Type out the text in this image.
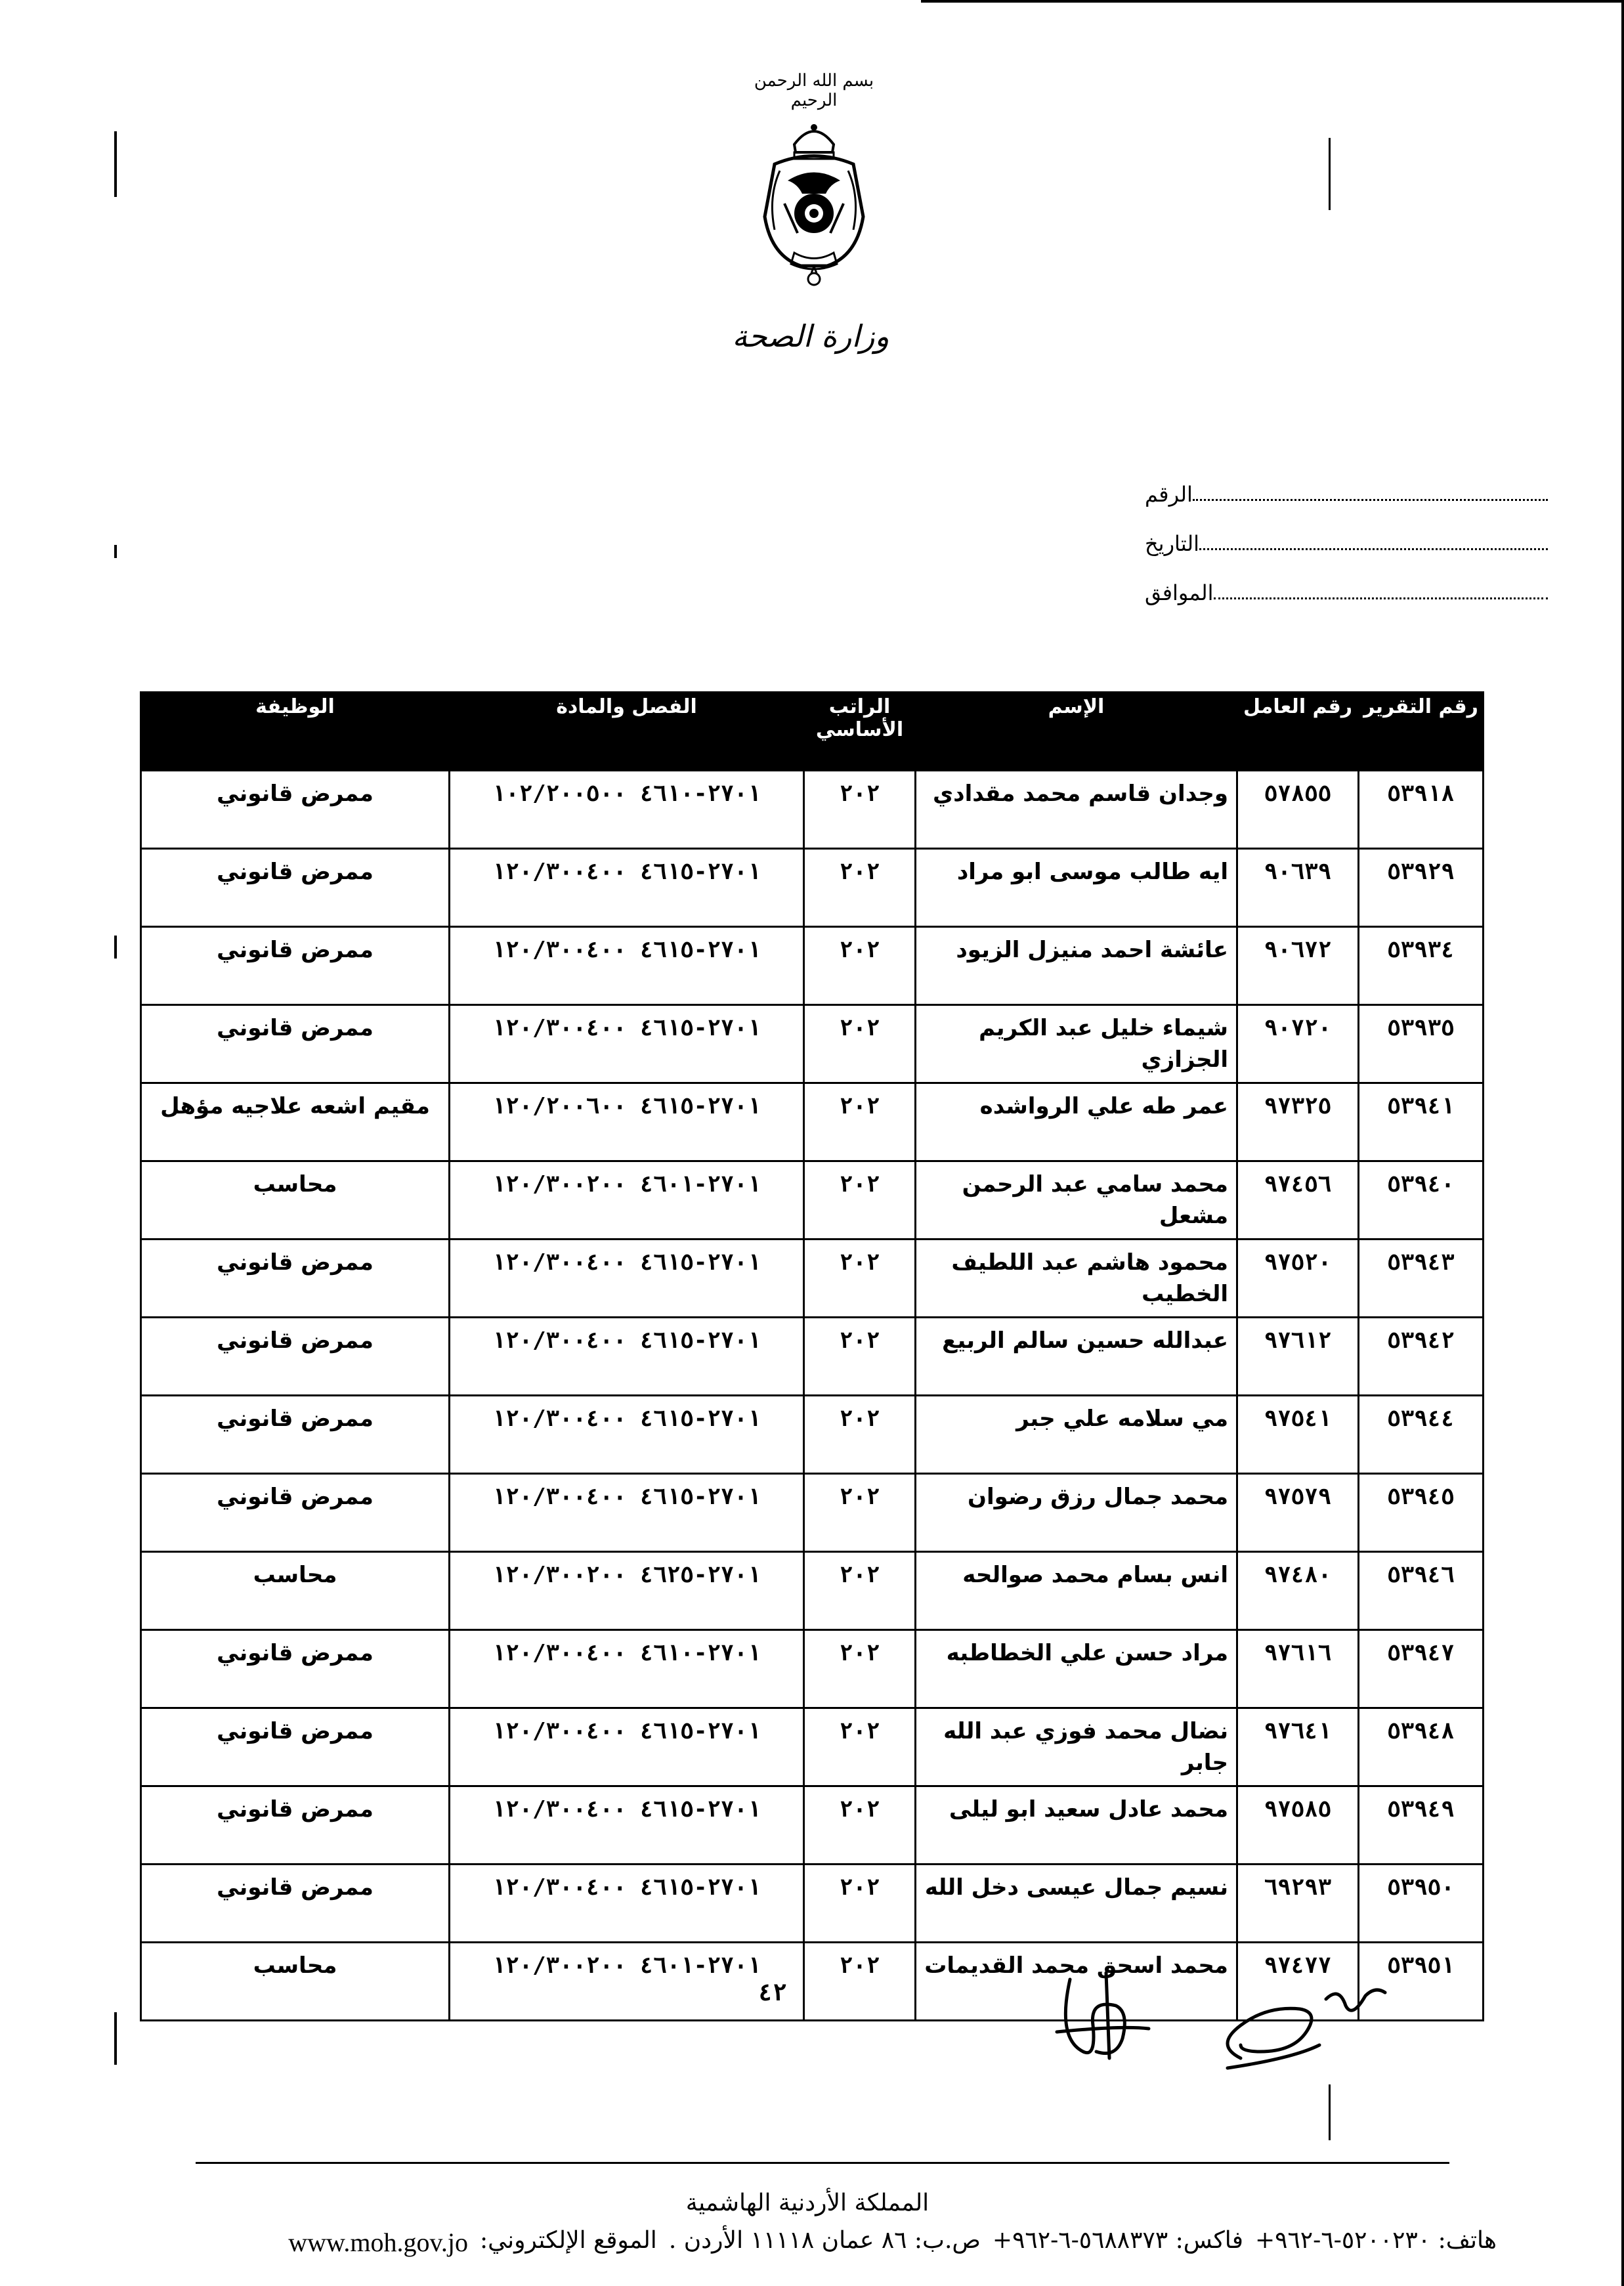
بسم الله الرحمن الرحيم
وزارة الصحة
الرقم
التاريخ
الموافق
رقم التقرير	رقم العامل	الإسم	الراتب الأساسي	الفصل والمادة	الوظيفة
٥٣٩١٨	٥٧٨٥٥	وجدان قاسم محمد مقدادي	٢٠٢	٢٧٠١-٤٦١٠ ١٠٢/٢٠٠٥٠٠	ممرض قانوني
٥٣٩٢٩	٩٠٦٣٩	ايه طالب موسى ابو مراد	٢٠٢	٢٧٠١-٤٦١٥ ١٢٠/٣٠٠٤٠٠	ممرض قانوني
٥٣٩٣٤	٩٠٦٧٢	عائشة احمد منيزل الزيود	٢٠٢	٢٧٠١-٤٦١٥ ١٢٠/٣٠٠٤٠٠	ممرض قانوني
٥٣٩٣٥	٩٠٧٢٠	شيماء خليل عبد الكريم الجزازي	٢٠٢	٢٧٠١-٤٦١٥ ١٢٠/٣٠٠٤٠٠	ممرض قانوني
٥٣٩٤١	٩٧٣٢٥	عمر طه علي الرواشده	٢٠٢	٢٧٠١-٤٦١٥ ١٢٠/٢٠٠٦٠٠	مقيم اشعه علاجيه مؤهل
٥٣٩٤٠	٩٧٤٥٦	محمد سامي عبد الرحمن مشعل	٢٠٢	٢٧٠١-٤٦٠١ ١٢٠/٣٠٠٢٠٠	محاسب
٥٣٩٤٣	٩٧٥٢٠	محمود هاشم عبد اللطيف الخطيب	٢٠٢	٢٧٠١-٤٦١٥ ١٢٠/٣٠٠٤٠٠	ممرض قانوني
٥٣٩٤٢	٩٧٦١٢	عبدالله حسين سالم الربيع	٢٠٢	٢٧٠١-٤٦١٥ ١٢٠/٣٠٠٤٠٠	ممرض قانوني
٥٣٩٤٤	٩٧٥٤١	مي سلامه علي جبر	٢٠٢	٢٧٠١-٤٦١٥ ١٢٠/٣٠٠٤٠٠	ممرض قانوني
٥٣٩٤٥	٩٧٥٧٩	محمد جمال رزق رضوان	٢٠٢	٢٧٠١-٤٦١٥ ١٢٠/٣٠٠٤٠٠	ممرض قانوني
٥٣٩٤٦	٩٧٤٨٠	انس بسام محمد صوالحه	٢٠٢	٢٧٠١-٤٦٢٥ ١٢٠/٣٠٠٢٠٠	محاسب
٥٣٩٤٧	٩٧٦١٦	مراد حسن علي الخطاطبه	٢٠٢	٢٧٠١-٤٦١٠ ١٢٠/٣٠٠٤٠٠	ممرض قانوني
٥٣٩٤٨	٩٧٦٤١	نضال محمد فوزي عبد الله جابر	٢٠٢	٢٧٠١-٤٦١٥ ١٢٠/٣٠٠٤٠٠	ممرض قانوني
٥٣٩٤٩	٩٧٥٨٥	محمد عادل سعيد ابو ليلى	٢٠٢	٢٧٠١-٤٦١٥ ١٢٠/٣٠٠٤٠٠	ممرض قانوني
٥٣٩٥٠	٦٩٢٩٣	نسيم جمال عيسى دخل الله	٢٠٢	٢٧٠١-٤٦١٥ ١٢٠/٣٠٠٤٠٠	ممرض قانوني
٥٣٩٥١	٩٧٤٧٧	محمد اسحق محمد القديمات	٢٠٢	٢٧٠١-٤٦٠١ ١٢٠/٣٠٠٢٠٠	محاسب
٤٢
المملكة الأردنية الهاشمية
هاتف: ٥٢٠٠٢٣٠-٦-٩٦٢+
فاكس: ٥٦٨٨٣٧٣-٦-٩٦٢+
ص.ب: ٨٦ عمان ١١١١٨ الأردن .
الموقع الإلكتروني:
www.moh.gov.jo
